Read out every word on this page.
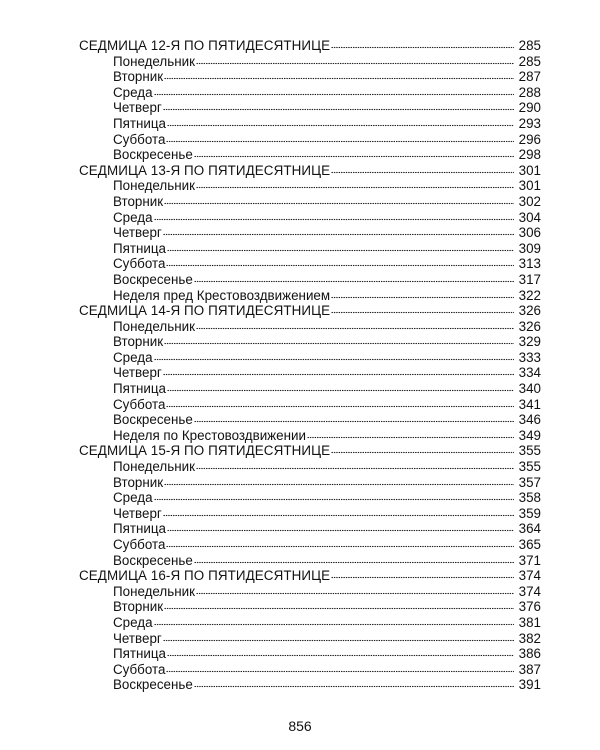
СЕДМИЦА 12-Я ПО ПЯТИДЕСЯТНИЦЕ	285
Понедельник	285
Вторник	287
Среда	288
Четверг	290
Пятница	293
Суббота	296
Воскресенье	298
СЕДМИЦА 13-Я ПО ПЯТИДЕСЯТНИЦЕ	301
Понедельник	301
Вторник	302
Среда	304
Четверг	306
Пятница	309
Суббота	313
Воскресенье	317
Неделя пред Крестовоздвижением	322
СЕДМИЦА 14-Я ПО ПЯТИДЕСЯТНИЦЕ	326
Понедельник	326
Вторник	329
Среда	333
Четверг	334
Пятница	340
Суббота	341
Воскресенье	346
Неделя по Крестовоздвижении	349
СЕДМИЦА 15-Я ПО ПЯТИДЕСЯТНИЦЕ	355
Понедельник	355
Вторник	357
Среда	358
Четверг	359
Пятница	364
Суббота	365
Воскресенье	371
СЕДМИЦА 16-Я ПО ПЯТИДЕСЯТНИЦЕ	374
Понедельник	374
Вторник	376
Среда	381
Четверг	382
Пятница	386
Суббота	387
Воскресенье	391
856
